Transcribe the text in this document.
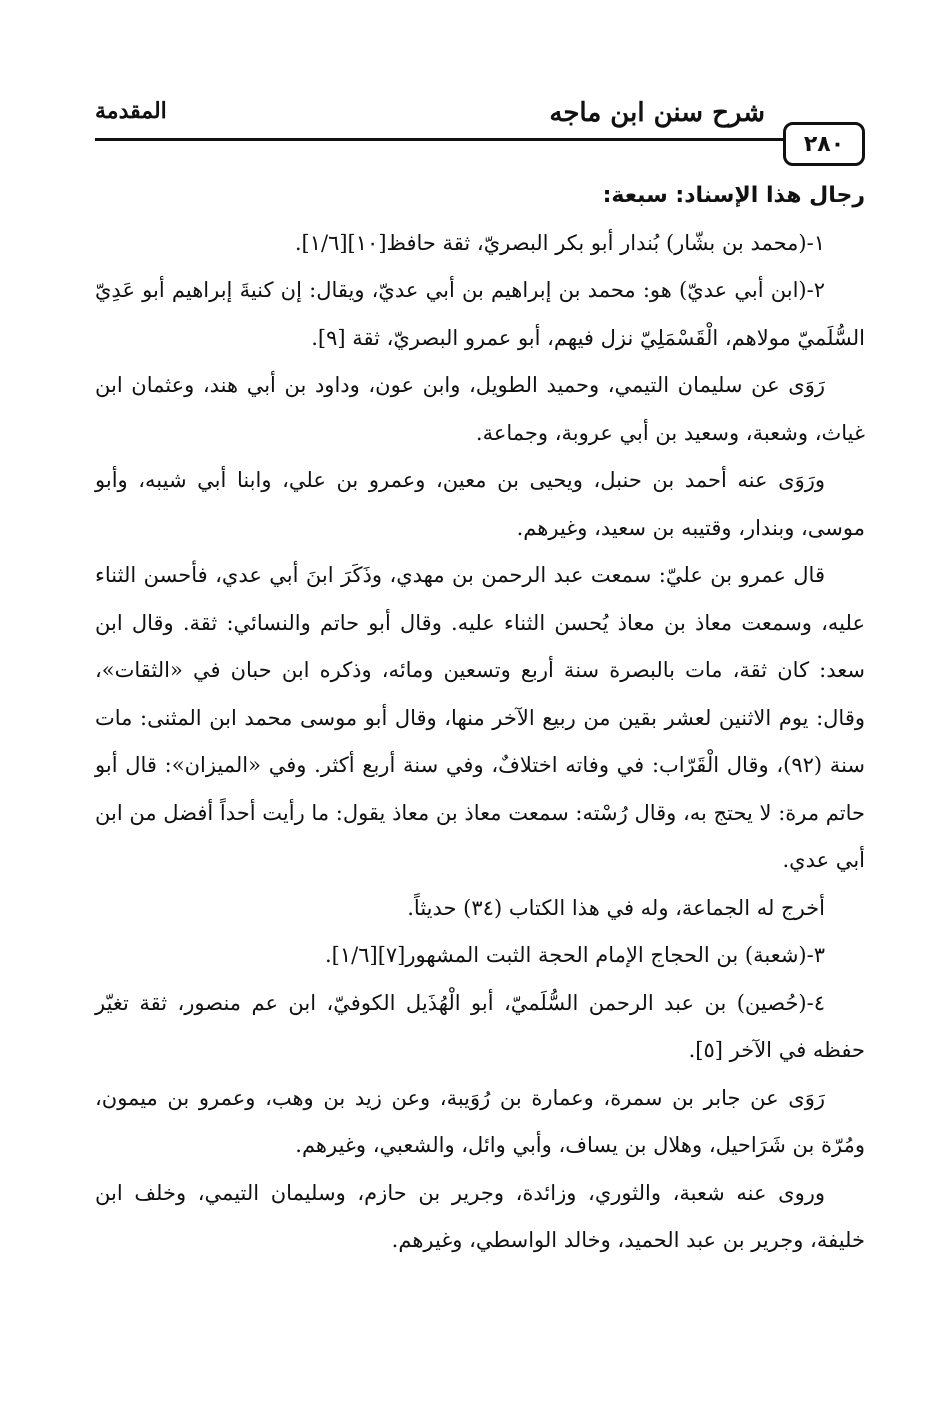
٢٨٠
شرح سنن ابن ماجه
المقدمة

رجال هذا الإسناد: سبعة:

١-(محمد بن بشّار) بُندار أبو بكر البصريّ، ثقة حافظ[١٠][١/٦].

٢-(ابن أبي عديّ) هو: محمد بن إبراهيم بن أبي عديّ، ويقال: إن كنيةَ إبراهيم أبو عَدِيّ السُّلَميّ مولاهم، الْقَسْمَلِيّ نزل فيهم، أبو عمرو البصريّ، ثقة [٩].

رَوَى عن سليمان التيمي، وحميد الطويل، وابن عون، وداود بن أبي هند، وعثمان ابن غياث، وشعبة، وسعيد بن أبي عروبة، وجماعة.

ورَوَى عنه أحمد بن حنبل، ويحيى بن معين، وعمرو بن علي، وابنا أبي شيبه، وأبو موسى، وبندار، وقتيبه بن سعيد، وغيرهم.

قال عمرو بن عليّ: سمعت عبد الرحمن بن مهدي، وذَكَرَ ابنَ أبي عدي، فأحسن الثناء عليه، وسمعت معاذ بن معاذ يُحسن الثناء عليه. وقال أبو حاتم والنسائي: ثقة. وقال ابن سعد: كان ثقة، مات بالبصرة سنة أربع وتسعين ومائه، وذكره ابن حبان في «الثقات»، وقال: يوم الاثنين لعشر بقين من ربيع الآخر منها، وقال أبو موسى محمد ابن المثنى: مات سنة (٩٢)، وقال الْقَرّاب: في وفاته اختلافٌ، وفي سنة أربع أكثر. وفي «الميزان»: قال أبو حاتم مرة: لا يحتج به، وقال رُسْته: سمعت معاذ بن معاذ يقول: ما رأيت أحداً أفضل من ابن أبي عدي.

أخرج له الجماعة، وله في هذا الكتاب (٣٤) حديثاً.

٣-(شعبة) بن الحجاج الإمام الحجة الثبت المشهور[٧][١/٦].

٤-(حُصين) بن عبد الرحمن السُّلَميّ، أبو الْهُذَيل الكوفيّ، ابن عم منصور، ثقة تغيّر حفظه في الآخر [٥].

رَوَى عن جابر بن سمرة، وعمارة بن رُوَيبة، وعن زيد بن وهب، وعمرو بن ميمون، ومُرّة بن شَرَاحيل، وهلال بن يساف، وأبي وائل، والشعبي، وغيرهم.

وروى عنه شعبة، والثوري، وزائدة، وجرير بن حازم، وسليمان التيمي، وخلف ابن خليفة، وجرير بن عبد الحميد، وخالد الواسطي، وغيرهم.
